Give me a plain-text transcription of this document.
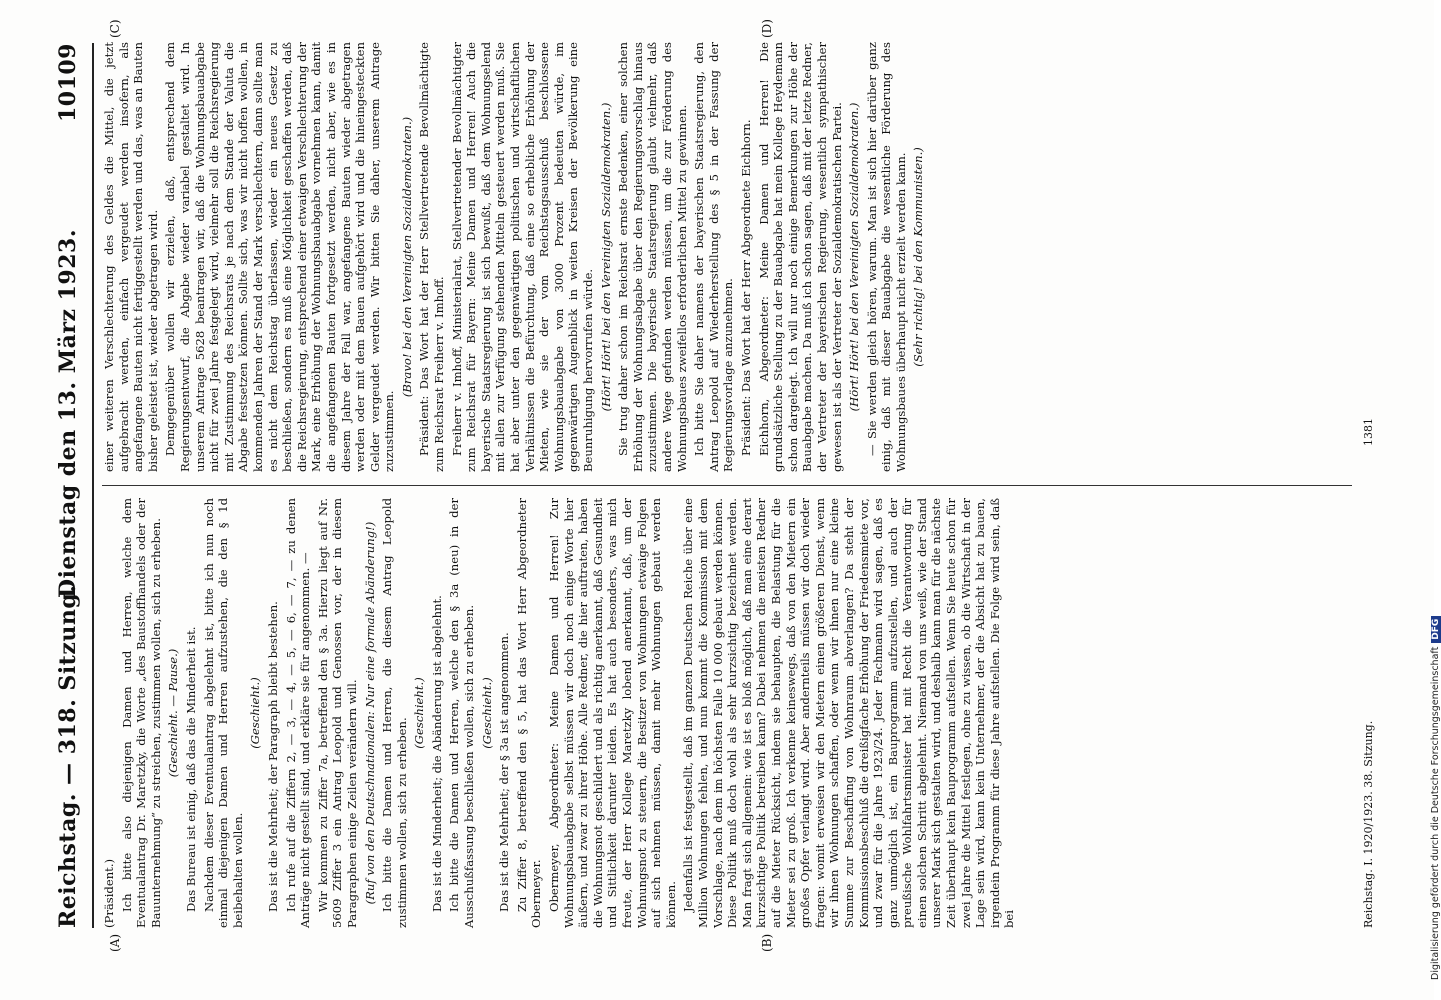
Reichstag. — 318. Sitzung.
Dienstag den 13. März 1923.
10109
(A)	(B)
(C)	(D)

(Präsident.) Ich bitte also diejenigen Damen und Herren, welche dem Eventualantrag Dr. Maretzky, die Worte „des Baustoffhandels oder der Bauunternehmung“ zu streichen, zustimmen wollen, sich zu erheben. (Geschieht. — Pause.) Das Bureau ist einig, daß das die Minderheit ist. Nachdem dieser Eventualantrag abgelehnt ist, bitte ich nun noch einmal diejenigen Damen und Herren aufzustehen, die den § 1d beibehalten wollen.

(Geschieht.) Das ist die Mehrheit; der Paragraph bleibt bestehen. Ich rufe auf die Ziffern 2, — 3, — 4, — 5, — 6, — 7, — zu denen Anträge nicht gestellt sind, und erkläre sie für angenommen. — Wir kommen zu Ziffer 7a, betreffend den § 3a. Hierzu liegt auf Nr. 5609 Ziffer 3 ein Antrag Leopold und Genossen vor, der in diesem Paragraphen einige Zeilen verändern will. (Ruf von den Deutschnationalen: Nur eine formale Abänderung!) Ich bitte die Damen und Herren, die diesem Antrag Leopold zustimmen wollen, sich zu erheben.

(Geschieht.) Das ist die Minderheit; die Abänderung ist abgelehnt. Ich bitte die Damen und Herren, welche den § 3a (neu) in der Ausschußfassung beschließen wollen, sich zu erheben. (Geschieht.) Das ist die Mehrheit; der § 3a ist angenommen. Zu Ziffer 8, betreffend den § 5, hat das Wort Herr Abgeordneter Obermeyer. Obermeyer, Abgeordneter: Meine Damen und Herren! Zur Wohnungsbauabgabe selbst müssen wir doch noch einige Worte hier äußern, und zwar zu ihrer Höhe. Alle Redner, die hier auftraten, haben die Wohnungsnot geschildert und als richtig anerkannt, daß Gesundheit und Sittlichkeit darunter leiden. Es hat auch besonders, was mich freute, der Herr Kollege Maretzky lobend anerkannt, daß, um der Wohnungsnot zu steuern, die Besitzer von Wohnungen etwaige Folgen auf sich nehmen müssen, damit mehr Wohnungen gebaut werden können. Jedenfalls ist festgestellt, daß im ganzen Deutschen Reiche über eine Million Wohnungen fehlen, und nun kommt die Kommission mit dem Vorschlage, nach dem im höchsten Falle 10 000 gebaut werden können. Diese Politik muß doch wohl als sehr kurzsichtig bezeichnet werden. Man fragt sich allgemein: wie ist es bloß möglich, daß man eine derart kurzsichtige Politik betreiben kann? Dabei nehmen die meisten Redner auf die Mieter Rücksicht, indem sie behaupten, die Belastung für die Mieter sei zu groß. Ich verkenne keineswegs, daß von den Mietern ein großes Opfer verlangt wird. Aber andernteils müssen wir doch wieder fragen: womit erweisen wir den Mietern einen größeren Dienst, wenn wir ihnen Wohnungen schaffen, oder wenn wir ihnen nur eine kleine Summe zur Beschaffung von Wohnraum abverlangen? Da steht der Kommissionsbeschluß die dreißigfache Erhöhung der Friedensmiete vor, und zwar für die Jahre 1923/24. Jeder Fachmann wird sagen, daß es ganz unmöglich ist, ein Bauprogramm aufzustellen, und auch der preußische Wohlfahrtsminister hat mit Recht die Verantwortung für einen solchen Schritt abgelehnt. Niemand von uns weiß, wie der Stand unserer Mark sich gestalten wird, und deshalb kann man für die nächste Zeit überhaupt kein Bauprogramm aufstellen. Wenn Sie heute schon für zwei Jahre die Mittel festlegen, ohne zu wissen, ob die Wirtschaft in der Lage sein wird, kann kein Unternehmer, der die Absicht hat zu bauen, irgendein Programm für diese Jahre aufstellen. Die Folge wird sein, daß bei

einer weiteren Verschlechterung des Geldes die Mittel, die jetzt aufgebracht werden, einfach vergeudet werden insofern, als angefangene Bauten nicht fertiggestellt werden und das, was an Bauten bisher geleistet ist, wieder abgetragen wird. Demgegenüber wollen wir erzielen, daß, entsprechend dem Regierungsentwurf, die Abgabe wieder variabel gestaltet wird. In unserem Antrage 5628 beantragen wir, daß die Wohnungsbauabgabe nicht für zwei Jahre festgelegt wird, vielmehr soll die Reichsregierung mit Zustimmung des Reichsrats je nach dem Stande der Valuta die Abgabe festsetzen können. Sollte sich, was wir nicht hoffen wollen, in kommenden Jahren der Stand der Mark verschlechtern, dann sollte man es nicht dem Reichstag überlassen, wieder ein neues Gesetz zu beschließen, sondern es muß eine Möglichkeit geschaffen werden, daß die Reichsregierung, entsprechend einer etwaigen Verschlechterung der Mark, eine Erhöhung der Wohnungsbauabgabe vornehmen kann, damit die angefangenen Bauten fortgesetzt werden, nicht aber, wie es in diesem Jahre der Fall war, angefangene Bauten wieder abgetragen werden oder mit dem Bauen aufgehört wird und die hineingesteckten Gelder vergeudet werden. Wir bitten Sie daher, unserem Antrage zuzustimmen.

(Bravo! bei den Vereinigten Sozialdemokraten.) Präsident: Das Wort hat der Herr Stellvertretende Bevollmächtigte zum Reichsrat Freiherr v. Imhoff. Freiherr v. Imhoff, Ministerialrat, Stellvertretender Bevollmächtigter zum Reichsrat für Bayern: Meine Damen und Herren! Auch die bayerische Staatsregierung ist sich bewußt, daß dem Wohnungselend mit allen zur Verfügung stehenden Mitteln gesteuert werden muß. Sie hat aber unter den gegenwärtigen politischen und wirtschaftlichen Verhältnissen die Befürchtung, daß eine so erhebliche Erhöhung der Mieten, wie sie der vom Reichstagsausschuß beschlossene Wohnungsbauabgabe von 3000 Prozent bedeuten würde, im gegenwärtigen Augenblick in weiten Kreisen der Bevölkerung eine Beunruhigung hervorrufen würde. (Hört! Hört! bei den Vereinigten Sozialdemokraten.) Sie trug daher schon im Reichsrat ernste Bedenken, einer solchen Erhöhung der Wohnungsabgabe über den Regierungsvorschlag hinaus zuzustimmen. Die bayerische Staatsregierung glaubt vielmehr, daß andere Wege gefunden werden müssen, um die zur Förderung des Wohnungsbaues zweifellos erforderlichen Mittel zu gewinnen. Ich bitte Sie daher namens der bayerischen Staatsregierung, den Antrag Leopold auf Wiederherstellung des § 5 in der Fassung der Regierungsvorlage anzunehmen. Präsident: Das Wort hat der Herr Abgeordnete Eichhorn. Eichhorn, Abgeordneter: Meine Damen und Herren! Die grundsätzliche Stellung zu der Bauabgabe hat mein Kollege Heydemann schon dargelegt. Ich will nur noch einige Bemerkungen zur Höhe der Bauabgabe machen. Da muß ich schon sagen, daß mit der letzte Redner, der Vertreter der bayerischen Regierung, wesentlich sympathischer gewesen ist als der Vertreter der Sozialdemokratischen Partei. (Hört! Hört! bei den Vereinigten Sozialdemokraten.) — Sie werden gleich hören, warum. Man ist sich hier darüber ganz einig, daß mit dieser Bauabgabe die wesentliche Förderung des Wohnungsbaues überhaupt nicht erzielt werden kann. (Sehr richtig! bei den Kommunisten.)

Reichstag. I. 1920/1923. 38. Sitzung.
1381
Digitalisierung gefördert durch die Deutsche ForschungsgemeinschaftDFG
